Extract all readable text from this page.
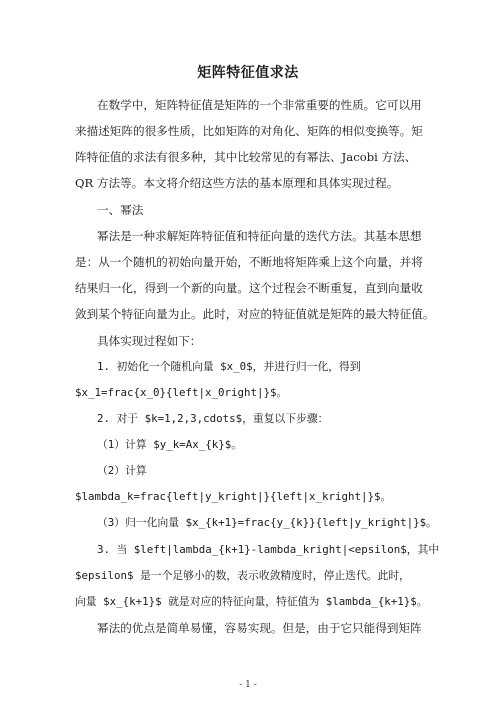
矩阵特征值求法
在数学中，矩阵特征值是矩阵的一个非常重要的性质。它可以用
来描述矩阵的很多性质，比如矩阵的对角化、矩阵的相似变换等。矩
阵特征值的求法有很多种，其中比较常见的有幂法、Jacobi 方法、
QR 方法等。本文将介绍这些方法的基本原理和具体实现过程。
一、幂法
幂法是一种求解矩阵特征值和特征向量的迭代方法。其基本思想
是：从一个随机的初始向量开始，不断地将矩阵乘上这个向量，并将
结果归一化，得到一个新的向量。这个过程会不断重复，直到向量收
敛到某个特征向量为止。此时，对应的特征值就是矩阵的最大特征值。
具体实现过程如下：
1. 初始化一个随机向量 $x_0$，并进行归一化，得到
$x_1=frac{x_0}{left|x_0right|}$。
2. 对于 $k=1,2,3,cdots$，重复以下步骤：
（1）计算 $y_k=Ax_{k}$。
（2）计算
$lambda_k=frac{left|y_kright|}{left|x_kright|}$。
（3）归一化向量 $x_{k+1}=frac{y_{k}}{left|y_kright|}$。
3. 当 $left|lambda_{k+1}-lambda_kright|<epsilon$，其中
$epsilon$ 是一个足够小的数，表示收敛精度时，停止迭代。此时，
向量 $x_{k+1}$ 就是对应的特征向量，特征值为 $lambda_{k+1}$。
幂法的优点是简单易懂，容易实现。但是，由于它只能得到矩阵
- 1 -
